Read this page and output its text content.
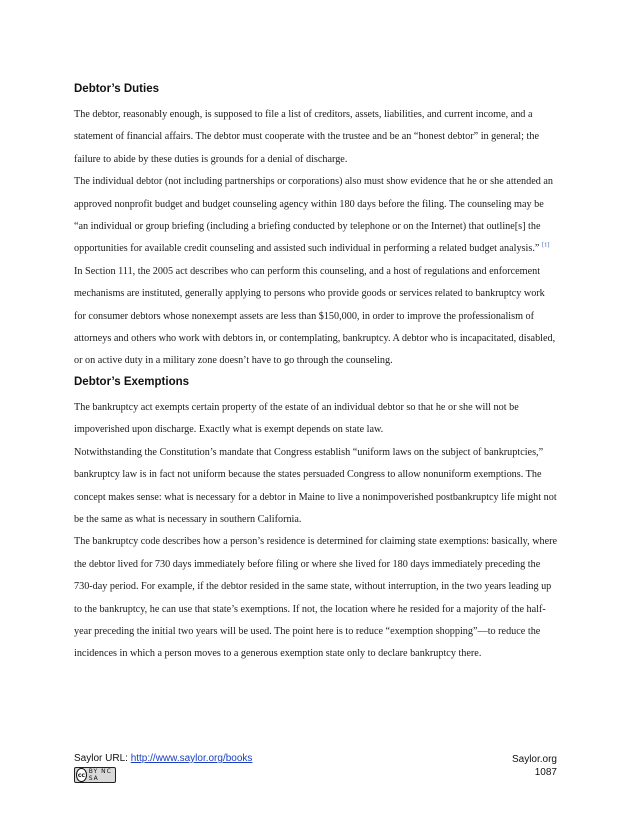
Debtor’s Duties

The debtor, reasonably enough, is supposed to file a list of creditors, assets, liabilities, and current income, and a statement of financial affairs. The debtor must cooperate with the trustee and be an “honest debtor” in general; the failure to abide by these duties is grounds for a denial of discharge.

The individual debtor (not including partnerships or corporations) also must show evidence that he or she attended an approved nonprofit budget and budget counseling agency within 180 days before the filing. The counseling may be “an individual or group briefing (including a briefing conducted by telephone or on the Internet) that outline[s] the opportunities for available credit counseling and assisted such individual in performing a related budget analysis.” [1] In Section 111, the 2005 act describes who can perform this counseling, and a host of regulations and enforcement mechanisms are instituted, generally applying to persons who provide goods or services related to bankruptcy work for consumer debtors whose nonexempt assets are less than $150,000, in order to improve the professionalism of attorneys and others who work with debtors in, or contemplating, bankruptcy. A debtor who is incapacitated, disabled, or on active duty in a military zone doesn’t have to go through the counseling.

Debtor’s Exemptions

The bankruptcy act exempts certain property of the estate of an individual debtor so that he or she will not be impoverished upon discharge. Exactly what is exempt depends on state law.

Notwithstanding the Constitution’s mandate that Congress establish “uniform laws on the subject of bankruptcies,” bankruptcy law is in fact not uniform because the states persuaded Congress to allow nonuniform exemptions. The concept makes sense: what is necessary for a debtor in Maine to live a nonimpoverished postbankruptcy life might not be the same as what is necessary in southern California.

The bankruptcy code describes how a person’s residence is determined for claiming state exemptions: basically, where the debtor lived for 730 days immediately before filing or where she lived for 180 days immediately preceding the 730-day period. For example, if the debtor resided in the same state, without interruption, in the two years leading up to the bankruptcy, he can use that state’s exemptions. If not, the location where he resided for a majority of the half-year preceding the initial two years will be used. The point here is to reduce “exemption shopping”—to reduce the incidences in which a person moves to a generous exemption state only to declare bankruptcy there.

Saylor URL: http://www.saylor.org/books
cc BY NC SA
Saylor.org
1087
